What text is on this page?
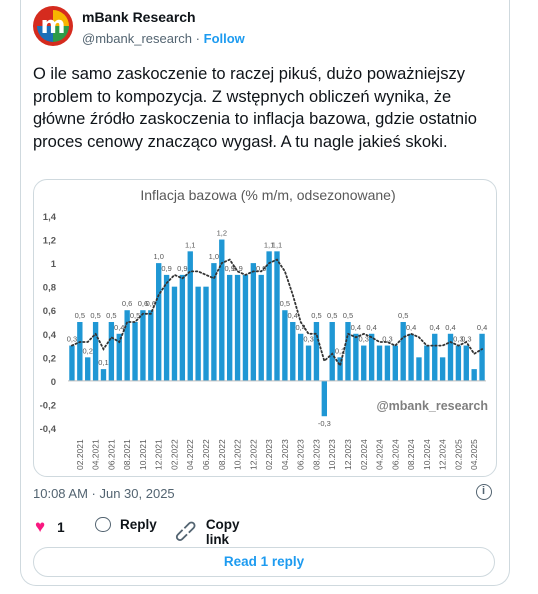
m	mBank Research
@mbank_research · Follow
O ile samo zaskoczenie to raczej pikuś, dużo poważniejszy problem to kompozycja. Z wstępnych obliczeń wynika, że główne źródło zaskoczenia to inflacja bazowa, gdzie ostatnio proces cenowy znacząco wygasł. A tu nagle jakieś skoki.
Inflacja bazowa (% m/m, odsezonowane)
@mbank_research
1,4
1,2
1
0,8
0,6
0,4
0,2
0
-0,2
-0,4
0,3
0,5
0,2
0,5
0,1
0,5
0,4
0,6
0,5
0,6
0,6
1,0
0,9 0,9
1,1
1,0
1,2
0,9
0,9 0,9
1,1
1,1
0,5
0,4
0,4
0,3
0,5
-0,3
0,5
0,2
0,5
0,4
0,3
0,4
0,3
0,5
0,4 0,4 0,4
0,3
0,3
0,4
02.2021 04.2021 06.2021 08.2021 10.2021 12.2021 02.2022 04.2022 06.2022 08.2022 10.2022 12.2022 02.2023 04.2023 06.2023 08.2023 10.2023 12.2023 02.2024 04.2024 06.2024 08.2024 10.2024 12.2024 02.2025 04.2025
10:08 AM · Jun 30, 2025
i
♥ 1	Reply ⊂⊃ Copy link
Read 1 reply
